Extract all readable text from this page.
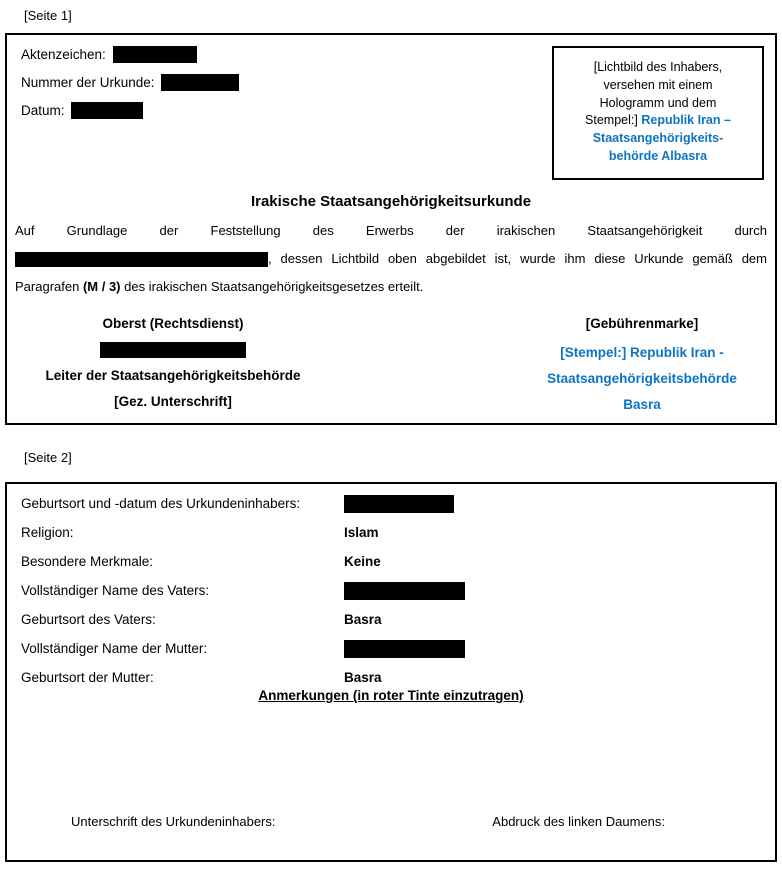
[Seite 1]
Aktenzeichen:
Nummer der Urkunde:
Datum:
[Lichtbild des Inhabers, versehen mit einem Hologramm und dem Stempel:] Republik Iran – Staatsangehörigkeits-behörde Albasra
Irakische Staatsangehörigkeitsurkunde

Auf Grundlage der Feststellung des Erwerbs der irakischen Staatsangehörigkeit durch , dessen Lichtbild oben abgebildet ist, wurde ihm diese Urkunde gemäß dem Paragrafen (M / 3) des irakischen Staatsangehörigkeitsgesetzes erteilt.

Oberst (Rechtsdienst)
Leiter der Staatsangehörigkeitsbehörde
[Gez. Unterschrift]
[Gebührenmarke]
[Stempel:] Republik Iran - Staatsangehörigkeitsbehörde Basra
[Seite 2]
Geburtsort und -datum des Urkundeninhabers:
Religion:	Islam
Besondere Merkmale:	Keine
Vollständiger Name des Vaters:
Geburtsort des Vaters:	Basra
Vollständiger Name der Mutter:
Geburtsort der Mutter:	Basra
Anmerkungen (in roter Tinte einzutragen)
Unterschrift des Urkundeninhabers:	Abdruck des linken Daumens:
